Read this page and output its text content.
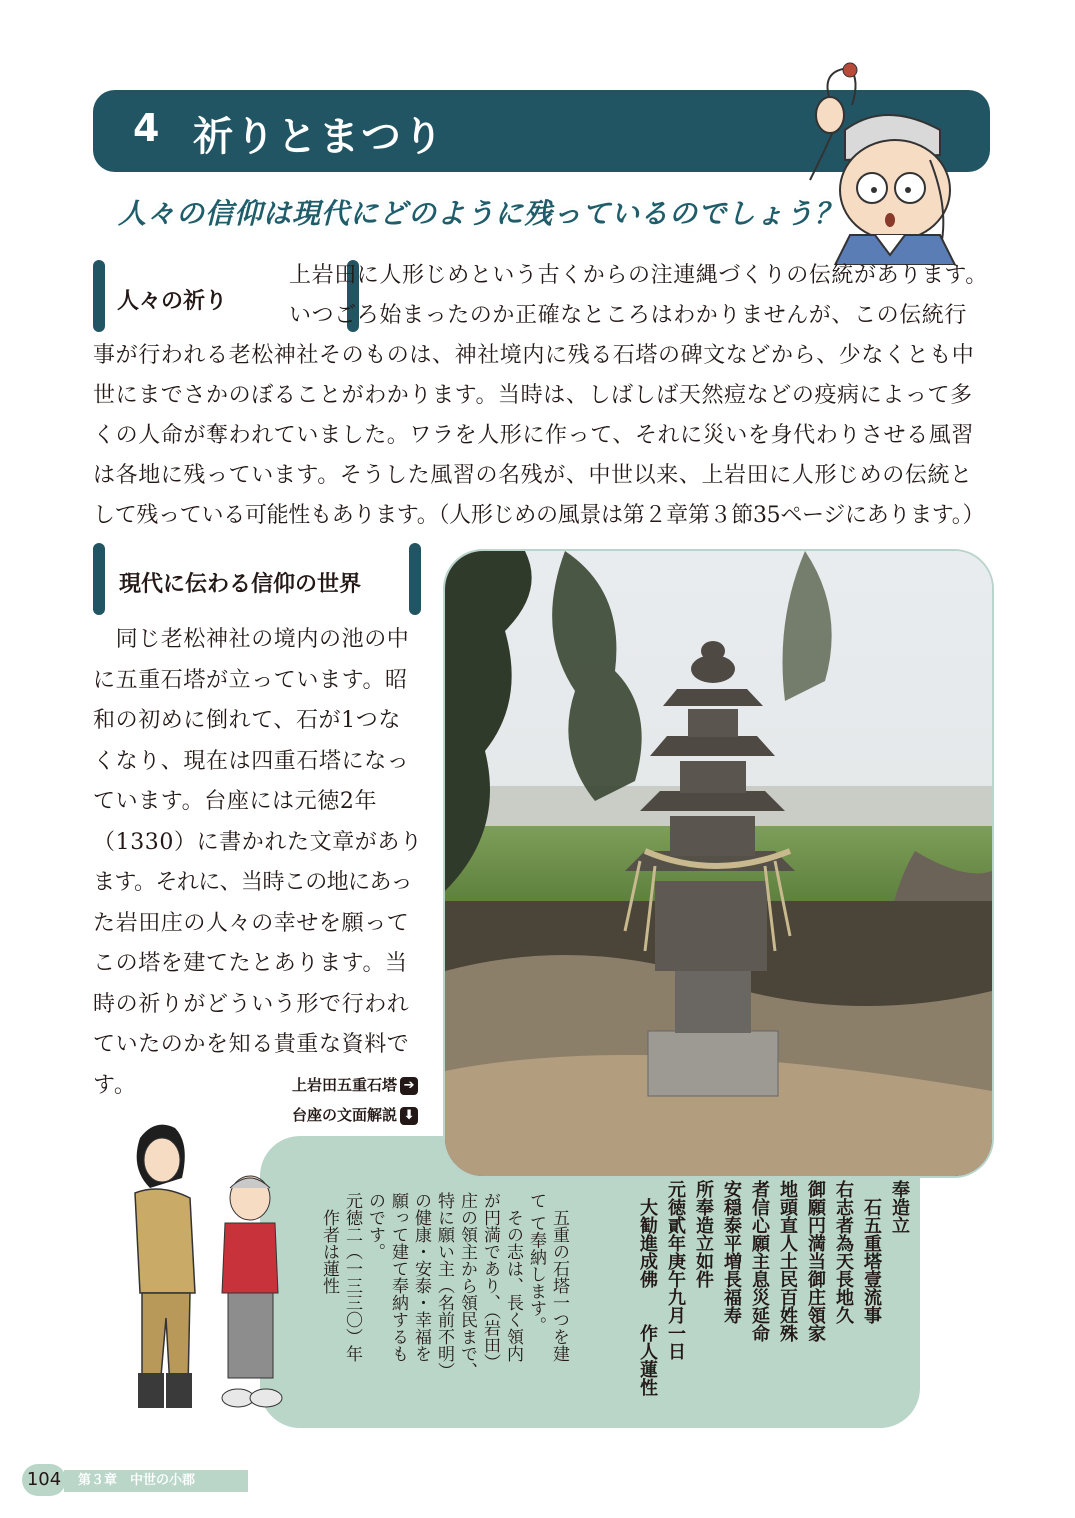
4 祈りとまつり
人々の信仰は現代にどのように残っているのでしょう？
人々の祈り
上岩田に人形じめという古くからの注連縄づくりの伝統があります。
いつごろ始まったのか正確なところはわかりませんが、この伝統行
事が行われる老松神社そのものは、神社境内に残る石塔の碑文などから、少なくとも中
世にまでさかのぼることがわかります。当時は、しばしば天然痘などの疫病によって多
くの人命が奪われていました。ワラを人形に作って、それに災いを身代わりさせる風習
は各地に残っています。そうした風習の名残が、中世以来、上岩田に人形じめの伝統と
して残っている可能性もあります。（人形じめの風景は第２章第３節35ページにあります。）
現代に伝わる信仰の世界
　同じ老松神社の境内の池の中
に五重石塔が立っています。昭
和の初めに倒れて、石が1つな
くなり、現在は四重石塔になっ
ています。台座には元徳2年
（1330）に書かれた文章があり
ます。それに、当時この地にあっ
た岩田庄の人々の幸せを願って
この塔を建てたとあります。当
時の祈りがどういう形で行われ
ていたのかを知る貴重な資料で
す。	上岩田五重石塔 ➔
台座の文面解説 ⬇
奉造立
　石五重塔壹流事
右志者為天長地久
御願円満当御庄領家
地頭直人土民百姓殊
者信心願主息災延命
安穏泰平増長福寿
所奉造立如件
元徳貳年庚午九月一日
　大勧進成佛　　作人蓮性
　五重の石塔一つを建
て て奉納します。
　その志は、長く領内
が円満であり、（岩田）
庄の領主から領民まで、
特に願い主（名前不明）
の健康・安泰・幸福を
願って建て奉納するも
のです。
元徳二（一三三〇）年
　作者は蓮性
104	第３章　中世の小郡
